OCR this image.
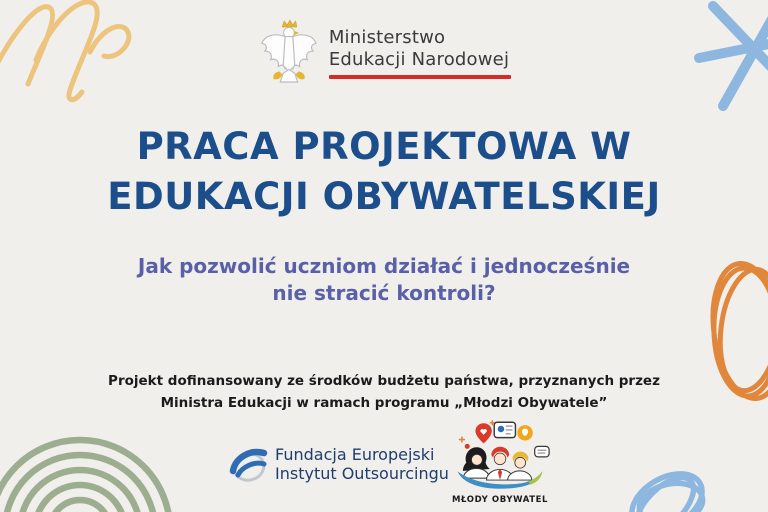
Ministerstwo
Edukacji Narodowej
PRACA PROJEKTOWA W
EDUKACJI OBYWATELSKIEJ
Jak pozwolić uczniom działać i jednocześnie
nie stracić kontroli?
Projekt dofinansowany ze środków budżetu państwa, przyznanych przez
Ministra Edukacji w ramach programu „Młodzi Obywatele”
Fundacja Europejski
Instytut Outsourcingu
MŁODY OBYWATEL
